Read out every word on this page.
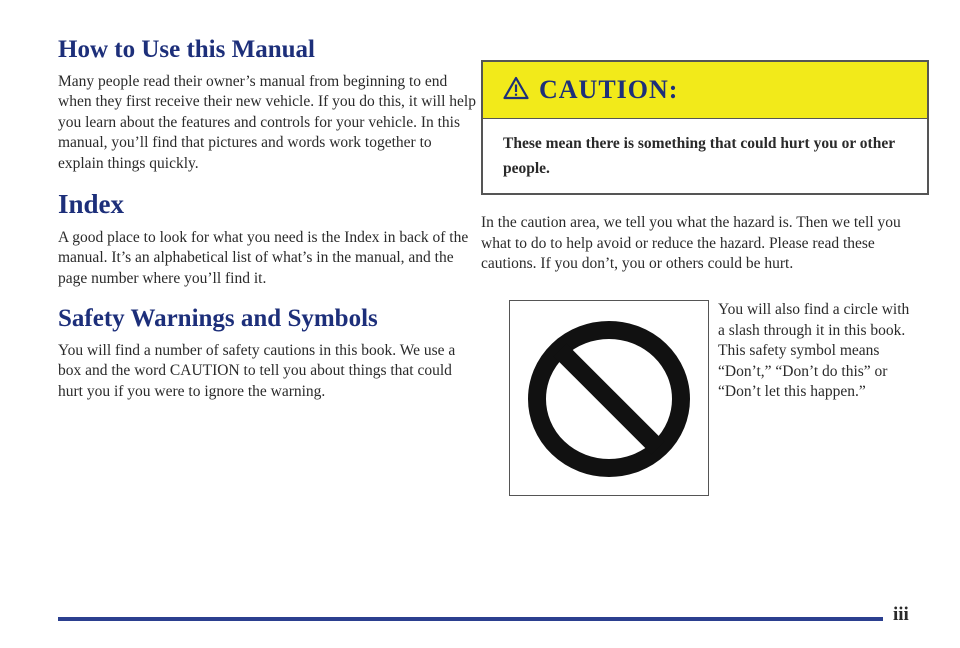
How to Use this Manual

Many people read their owner’s manual from beginning to end when they first receive their new vehicle. If you do this, it will help you learn about the features and controls for your vehicle. In this manual, you’ll find that pictures and words work together to explain things quickly.

Index

A good place to look for what you need is the Index in back of the manual. It’s an alphabetical list of what’s in the manual, and the page number where you’ll find it.

Safety Warnings and Symbols

You will find a number of safety cautions in this book. We use a box and the word CAUTION to tell you about things that could hurt you if you were to ignore the warning.

CAUTION:
These mean there is something that could hurt you or other people.

In the caution area, we tell you what the hazard is. Then we tell you what to do to help avoid or reduce the hazard. Please read these cautions. If you don’t, you or others could be hurt.

You will also find a circle with a slash through it in this book. This safety symbol means “Don’t,” “Don’t do this” or “Don’t let this happen.”

iii
